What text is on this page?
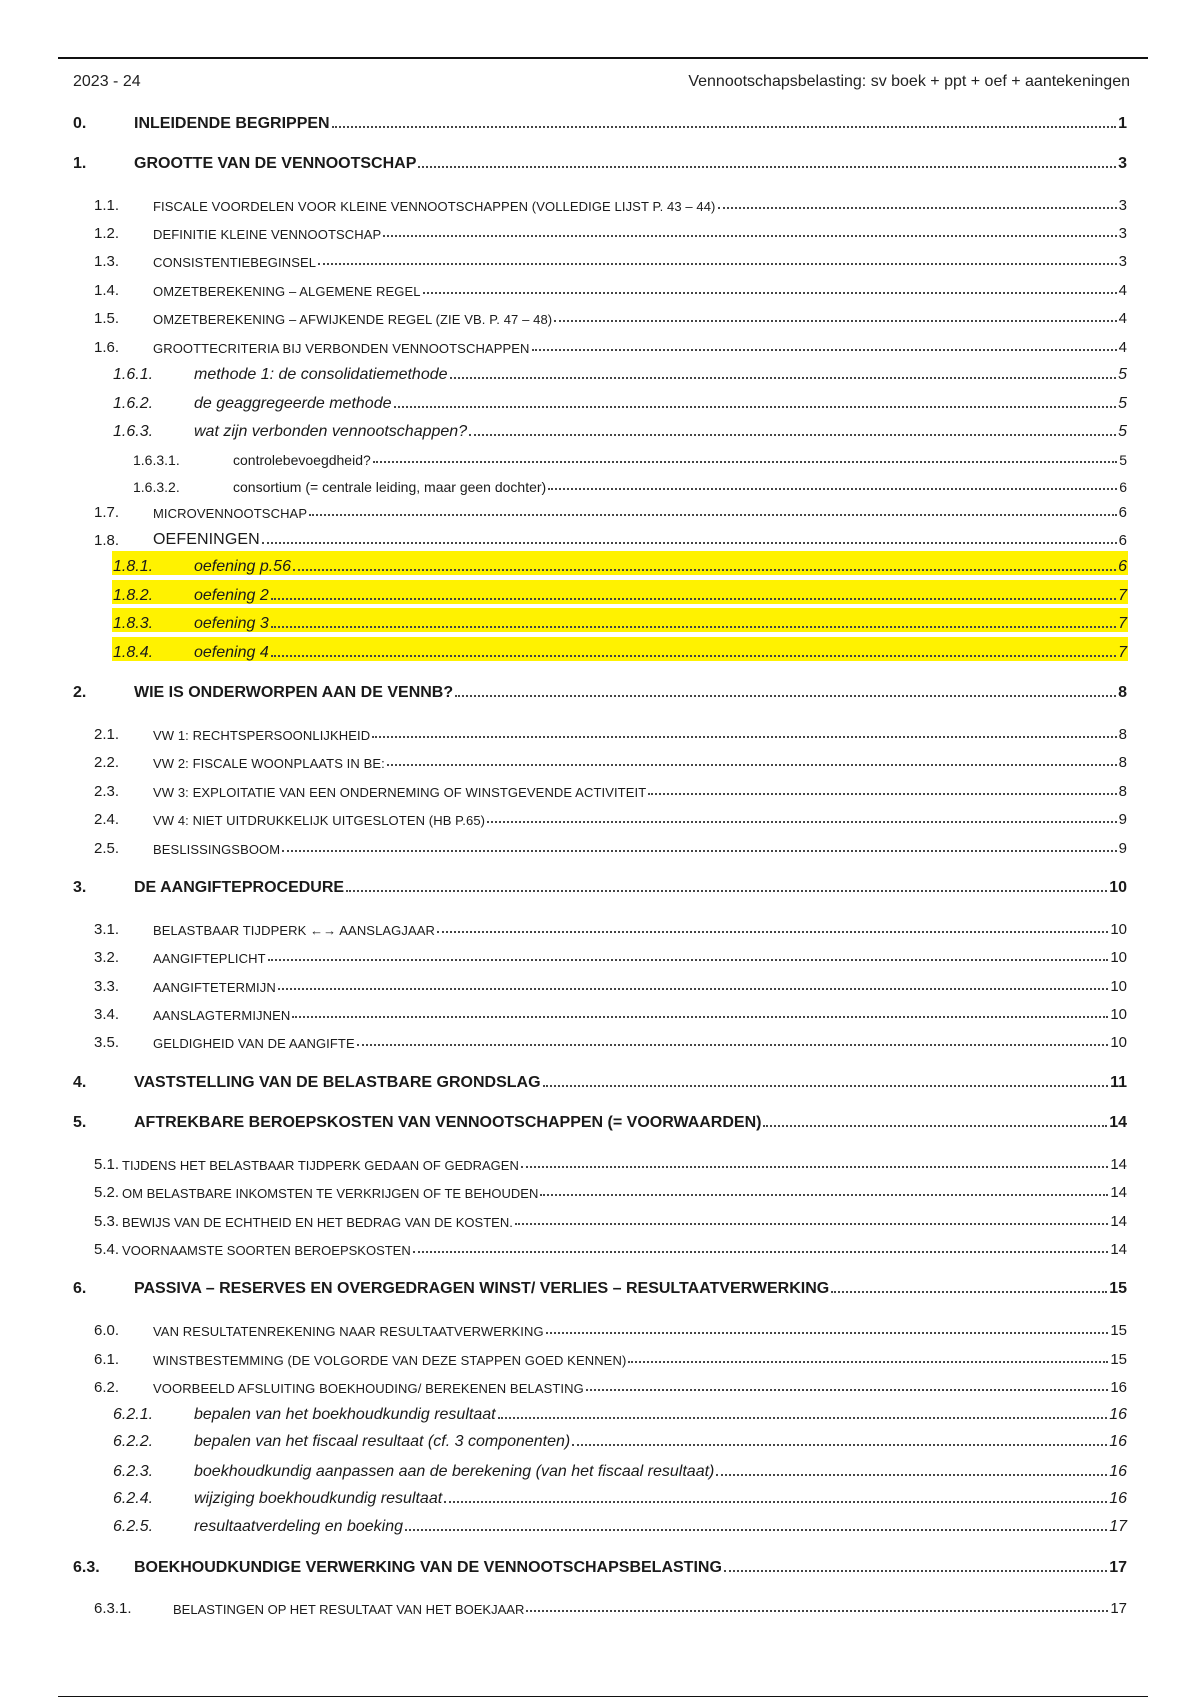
2023 - 24	Vennootschapsbelasting: sv boek + ppt + oef + aantekeningen
0.	INLEIDENDE BEGRIPPEN	1
1.	GROOTTE VAN DE VENNOOTSCHAP	3
1.1.	FISCALE VOORDELEN VOOR KLEINE VENNOOTSCHAPPEN (VOLLEDIGE LIJST P. 43 – 44)	3
1.2.	DEFINITIE KLEINE VENNOOTSCHAP	3
1.3.	CONSISTENTIEBEGINSEL	3
1.4.	OMZETBEREKENING – ALGEMENE REGEL	4
1.5.	OMZETBEREKENING – AFWIJKENDE REGEL (ZIE VB. P. 47 – 48)	4
1.6.	GROOTTECRITERIA BIJ VERBONDEN VENNOOTSCHAPPEN	4
1.6.1.	methode 1: de consolidatiemethode	5
1.6.2.	de geaggregeerde methode	5
1.6.3.	wat zijn verbonden vennootschappen?	5
1.6.3.1.	controlebevoegdheid?	5
1.6.3.2.	consortium (= centrale leiding, maar geen dochter)	6
1.7.	MICROVENNOOTSCHAP	6
1.8.	OEFENINGEN	6
1.8.1.	oefening p.56	6
1.8.2.	oefening 2	7
1.8.3.	oefening 3	7
1.8.4.	oefening 4	7
2.	WIE IS ONDERWORPEN AAN DE VENNB?	8
2.1.	VW 1: RECHTSPERSOONLIJKHEID	8
2.2.	VW 2: FISCALE WOONPLAATS IN BE:	8
2.3.	VW 3: EXPLOITATIE VAN EEN ONDERNEMING OF WINSTGEVENDE ACTIVITEIT	8
2.4.	VW 4: NIET UITDRUKKELIJK UITGESLOTEN (HB P.65)	9
2.5.	BESLISSINGSBOOM	9
3.	DE AANGIFTEPROCEDURE	10
3.1.	BELASTBAAR TIJDPERK ←→ AANSLAGJAAR	10
3.2.	AANGIFTEPLICHT	10
3.3.	AANGIFTETERMIJN	10
3.4.	AANSLAGTERMIJNEN	10
3.5.	GELDIGHEID VAN DE AANGIFTE	10
4.	VASTSTELLING VAN DE BELASTBARE GRONDSLAG	11
5.	AFTREKBARE BEROEPSKOSTEN VAN VENNOOTSCHAPPEN (= VOORWAARDEN)	14
5.1. TIJDENS HET BELASTBAAR TIJDPERK GEDAAN OF GEDRAGEN	14
5.2. OM BELASTBARE INKOMSTEN TE VERKRIJGEN OF TE BEHOUDEN	14
5.3. BEWIJS VAN DE ECHTHEID EN HET BEDRAG VAN DE KOSTEN.	14
5.4. VOORNAAMSTE SOORTEN BEROEPSKOSTEN	14
6.	PASSIVA – RESERVES EN OVERGEDRAGEN WINST/ VERLIES – RESULTAATVERWERKING	15
6.0.	VAN RESULTATENREKENING NAAR RESULTAATVERWERKING	15
6.1.	WINSTBESTEMMING (DE VOLGORDE VAN DEZE STAPPEN GOED KENNEN)	15
6.2.	VOORBEELD AFSLUITING BOEKHOUDING/ BEREKENEN BELASTING	16
6.2.1.	bepalen van het boekhoudkundig resultaat	16
6.2.2.	bepalen van het fiscaal resultaat (cf. 3 componenten)	16
6.2.3.	boekhoudkundig aanpassen aan de berekening (van het fiscaal resultaat)	16
6.2.4.	wijziging boekhoudkundig resultaat	16
6.2.5.	resultaatverdeling en boeking	17
6.3.	BOEKHOUDKUNDIGE VERWERKING VAN DE VENNOOTSCHAPSBELASTING	17
6.3.1.	BELASTINGEN OP HET RESULTAAT VAN HET BOEKJAAR	17
